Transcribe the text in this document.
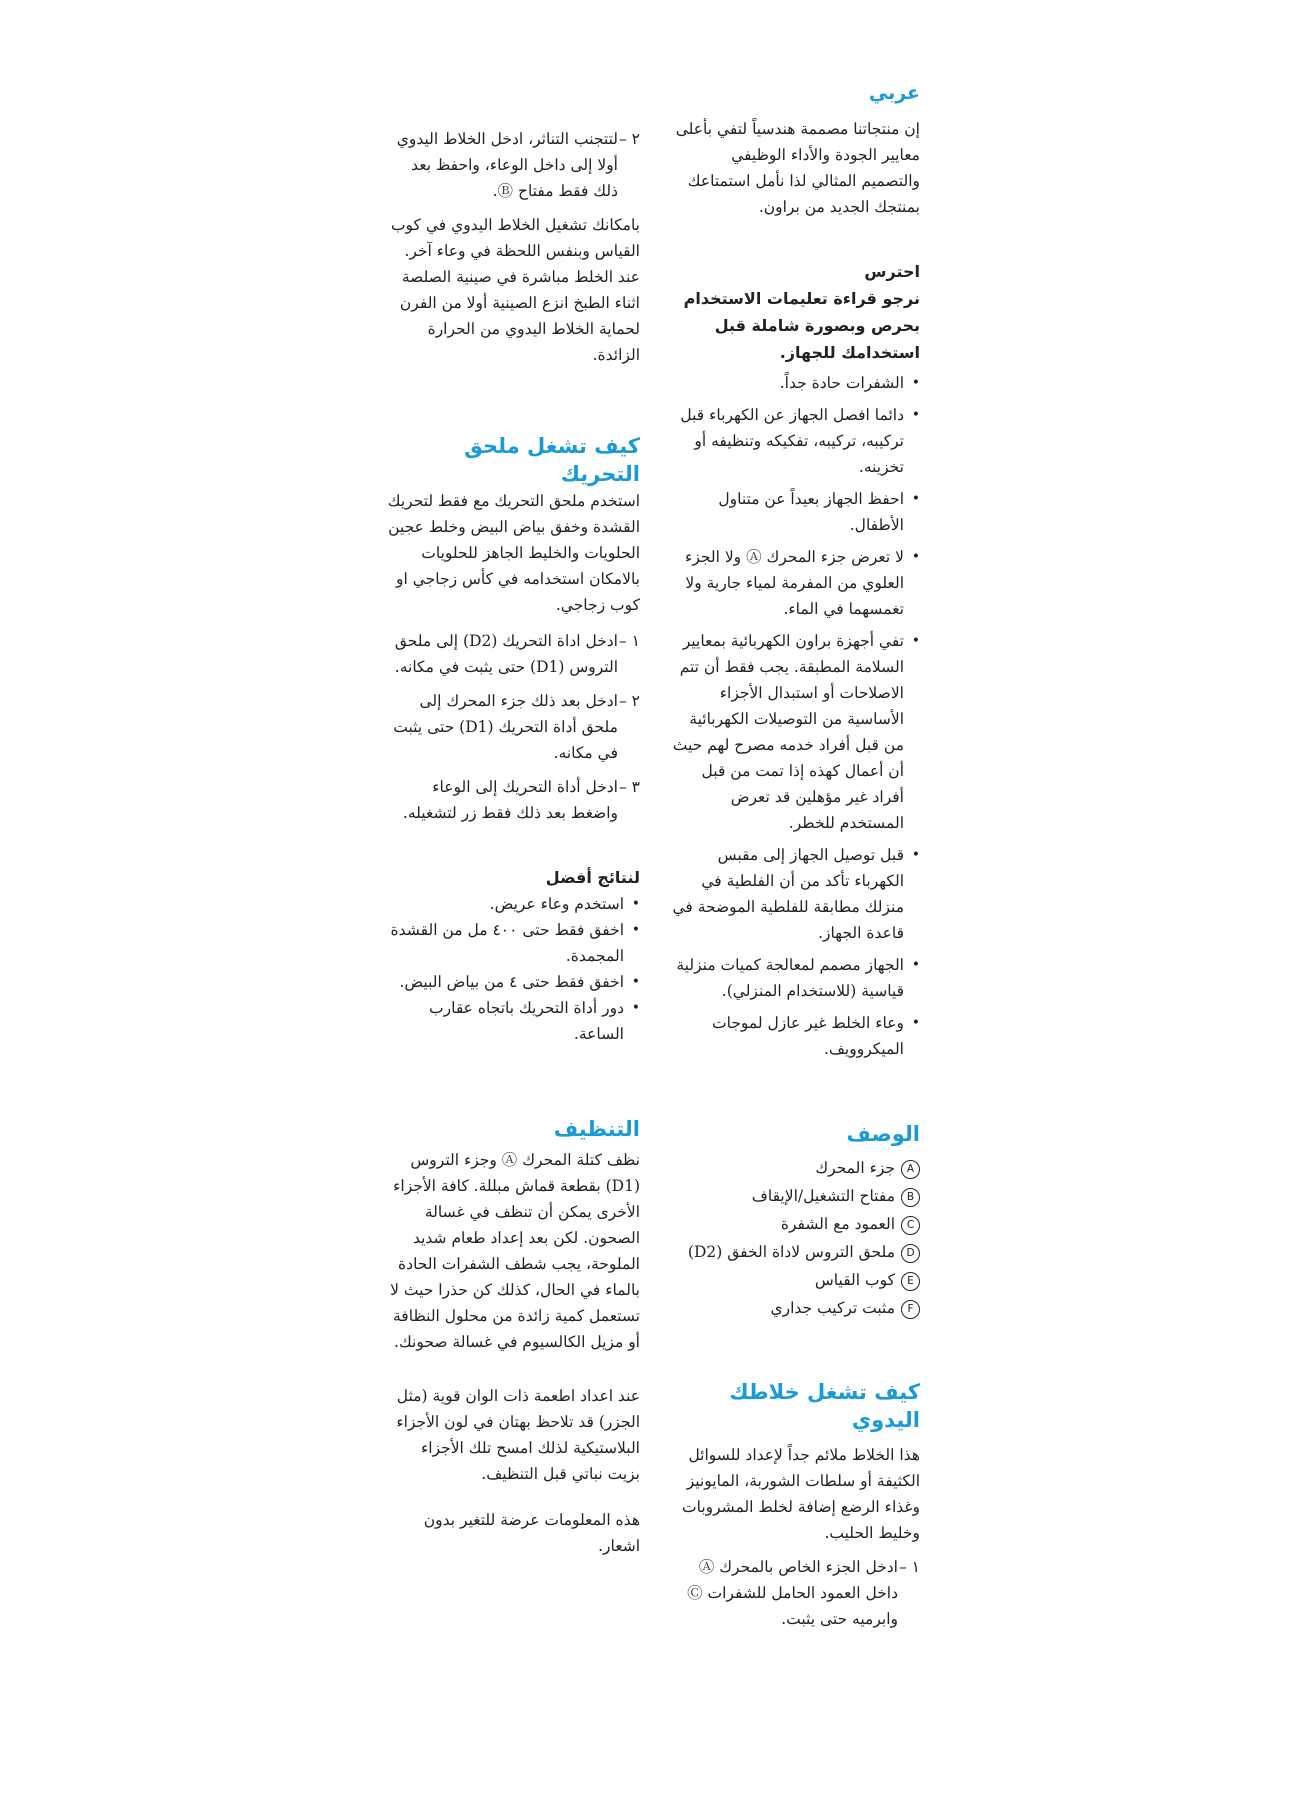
عربي

إن منتجاتنا مصممة هندسياً لتفي بأعلى معايير الجودة والأداء الوظيفي والتصميم المثالي لذا نأمل استمتاعك بمنتجك الجديد من براون.

احترس
نرجو قراءة تعليمات الاستخدام بحرص وبصورة شاملة قبل استخدامك للجهاز.
• الشفرات حادة جداً.
• دائما افصل الجهاز عن الكهرباء قبل تركيبه، تركيبه، تفكيكه وتنظيفه أو تخزينه.
• احفظ الجهاز بعيداً عن متناول الأطفال.
• لا تعرض جزء المحرك Ⓐ ولا الجزء العلوي من المفرمة لمياء جارية ولا تغمسهما في الماء.
• تفي أجهزة براون الكهربائية بمعايير السلامة المطبقة. يجب فقط أن تتم الاصلاحات أو استبدال الأجزاء الأساسية من التوصيلات الكهربائية من قبل أفراد خدمه مصرح لهم حيث أن أعمال كهذه إذا تمت من قبل أفراد غير مؤهلين قد تعرض المستخدم للخطر.
• قبل توصيل الجهاز إلى مقبس الكهرباء تأكد من أن الفلطية في منزلك مطابقة للفلطية الموضحة في قاعدة الجهاز.
• الجهاز مصمم لمعالجة كميات منزلية قياسية (للاستخدام المنزلي).
• وعاء الخلط غير عازل لموجات الميكروويف.
الوصف
Aجزء المحرك
Bمفتاح التشغيل/الإيقاف
Cالعمود مع الشفرة
Dملحق التروس لاداة الخفق (D2)
Eكوب القياس
Fمثبت تركيب جداري
كيف تشغل خلاطك اليدوي

هذا الخلاط ملائم جداً لإعداد للسوائل الكثيفة أو سلطات الشوربة، المايونيز وغذاء الرضع إضافة لخلط المشروبات وخليط الحليب.

١ –
ادخل الجزء الخاص بالمحرك Ⓐ داخل العمود الحامل للشفرات Ⓒ وابرميه حتى يثبت.
٢ –
لتتجنب التناثر، ادخل الخلاط اليدوي أولا إلى داخل الوعاء، واحفظ بعد ذلك فقط مفتاح Ⓑ.

بامكانك تشغيل الخلاط اليدوي في كوب القياس وبنفس اللحظة في وعاء آخر. عند الخلط مباشرة في صينية الصلصة اثناء الطبخ انزع الصينية أولا من الفرن لحماية الخلاط اليدوي من الحرارة الزائدة.

كيف تشغل ملحق التحريك

استخدم ملحق التحريك مع فقط لتحريك القشدة وخفق بياض البيض وخلط عجين الحلويات والخليط الجاهز للحلويات بالامكان استخدامه في كأس زجاجي او كوب زجاجي.

١ –
ادخل اداة التحريك (D2) إلى ملحق التروس (D1) حتى يثبت في مكانه.
٢ –
ادخل بعد ذلك جزء المحرك إلى ملحق أداة التحريك (D1) حتى يثبت في مكانه.
٣ –
ادخل أداة التحريك إلى الوعاء واضغط بعد ذلك فقط زر لتشغيله.
لنتائج أفضل
• استخدم وعاء عريض.
• اخفق فقط حتى ٤٠٠ مل من القشدة المجمدة.
• اخفق فقط حتى ٤ من بياض البيض.
• دور أداة التحريك باتجاه عقارب الساعة.
التنظيف

نظف كتلة المحرك Ⓐ وجزء التروس (D1) بقطعة قماش مبللة. كافة الأجزاء الأخرى يمكن أن تنظف في غسالة الصحون. لكن بعد إعداد طعام شديد الملوحة، يجب شطف الشفرات الحادة بالماء في الحال، كذلك كن حذرا حيث لا تستعمل كمية زائدة من محلول النظافة أو مزيل الكالسيوم في غسالة صحونك.

عند اعداد اطعمة ذات الوان قوية (مثل الجزر) قد تلاحظ بهتان في لون الأجزاء البلاستيكية لذلك امسح تلك الأجزاء بزيت نباتي قبل التنظيف.

هذه المعلومات عرضة للتغير بدون اشعار.
